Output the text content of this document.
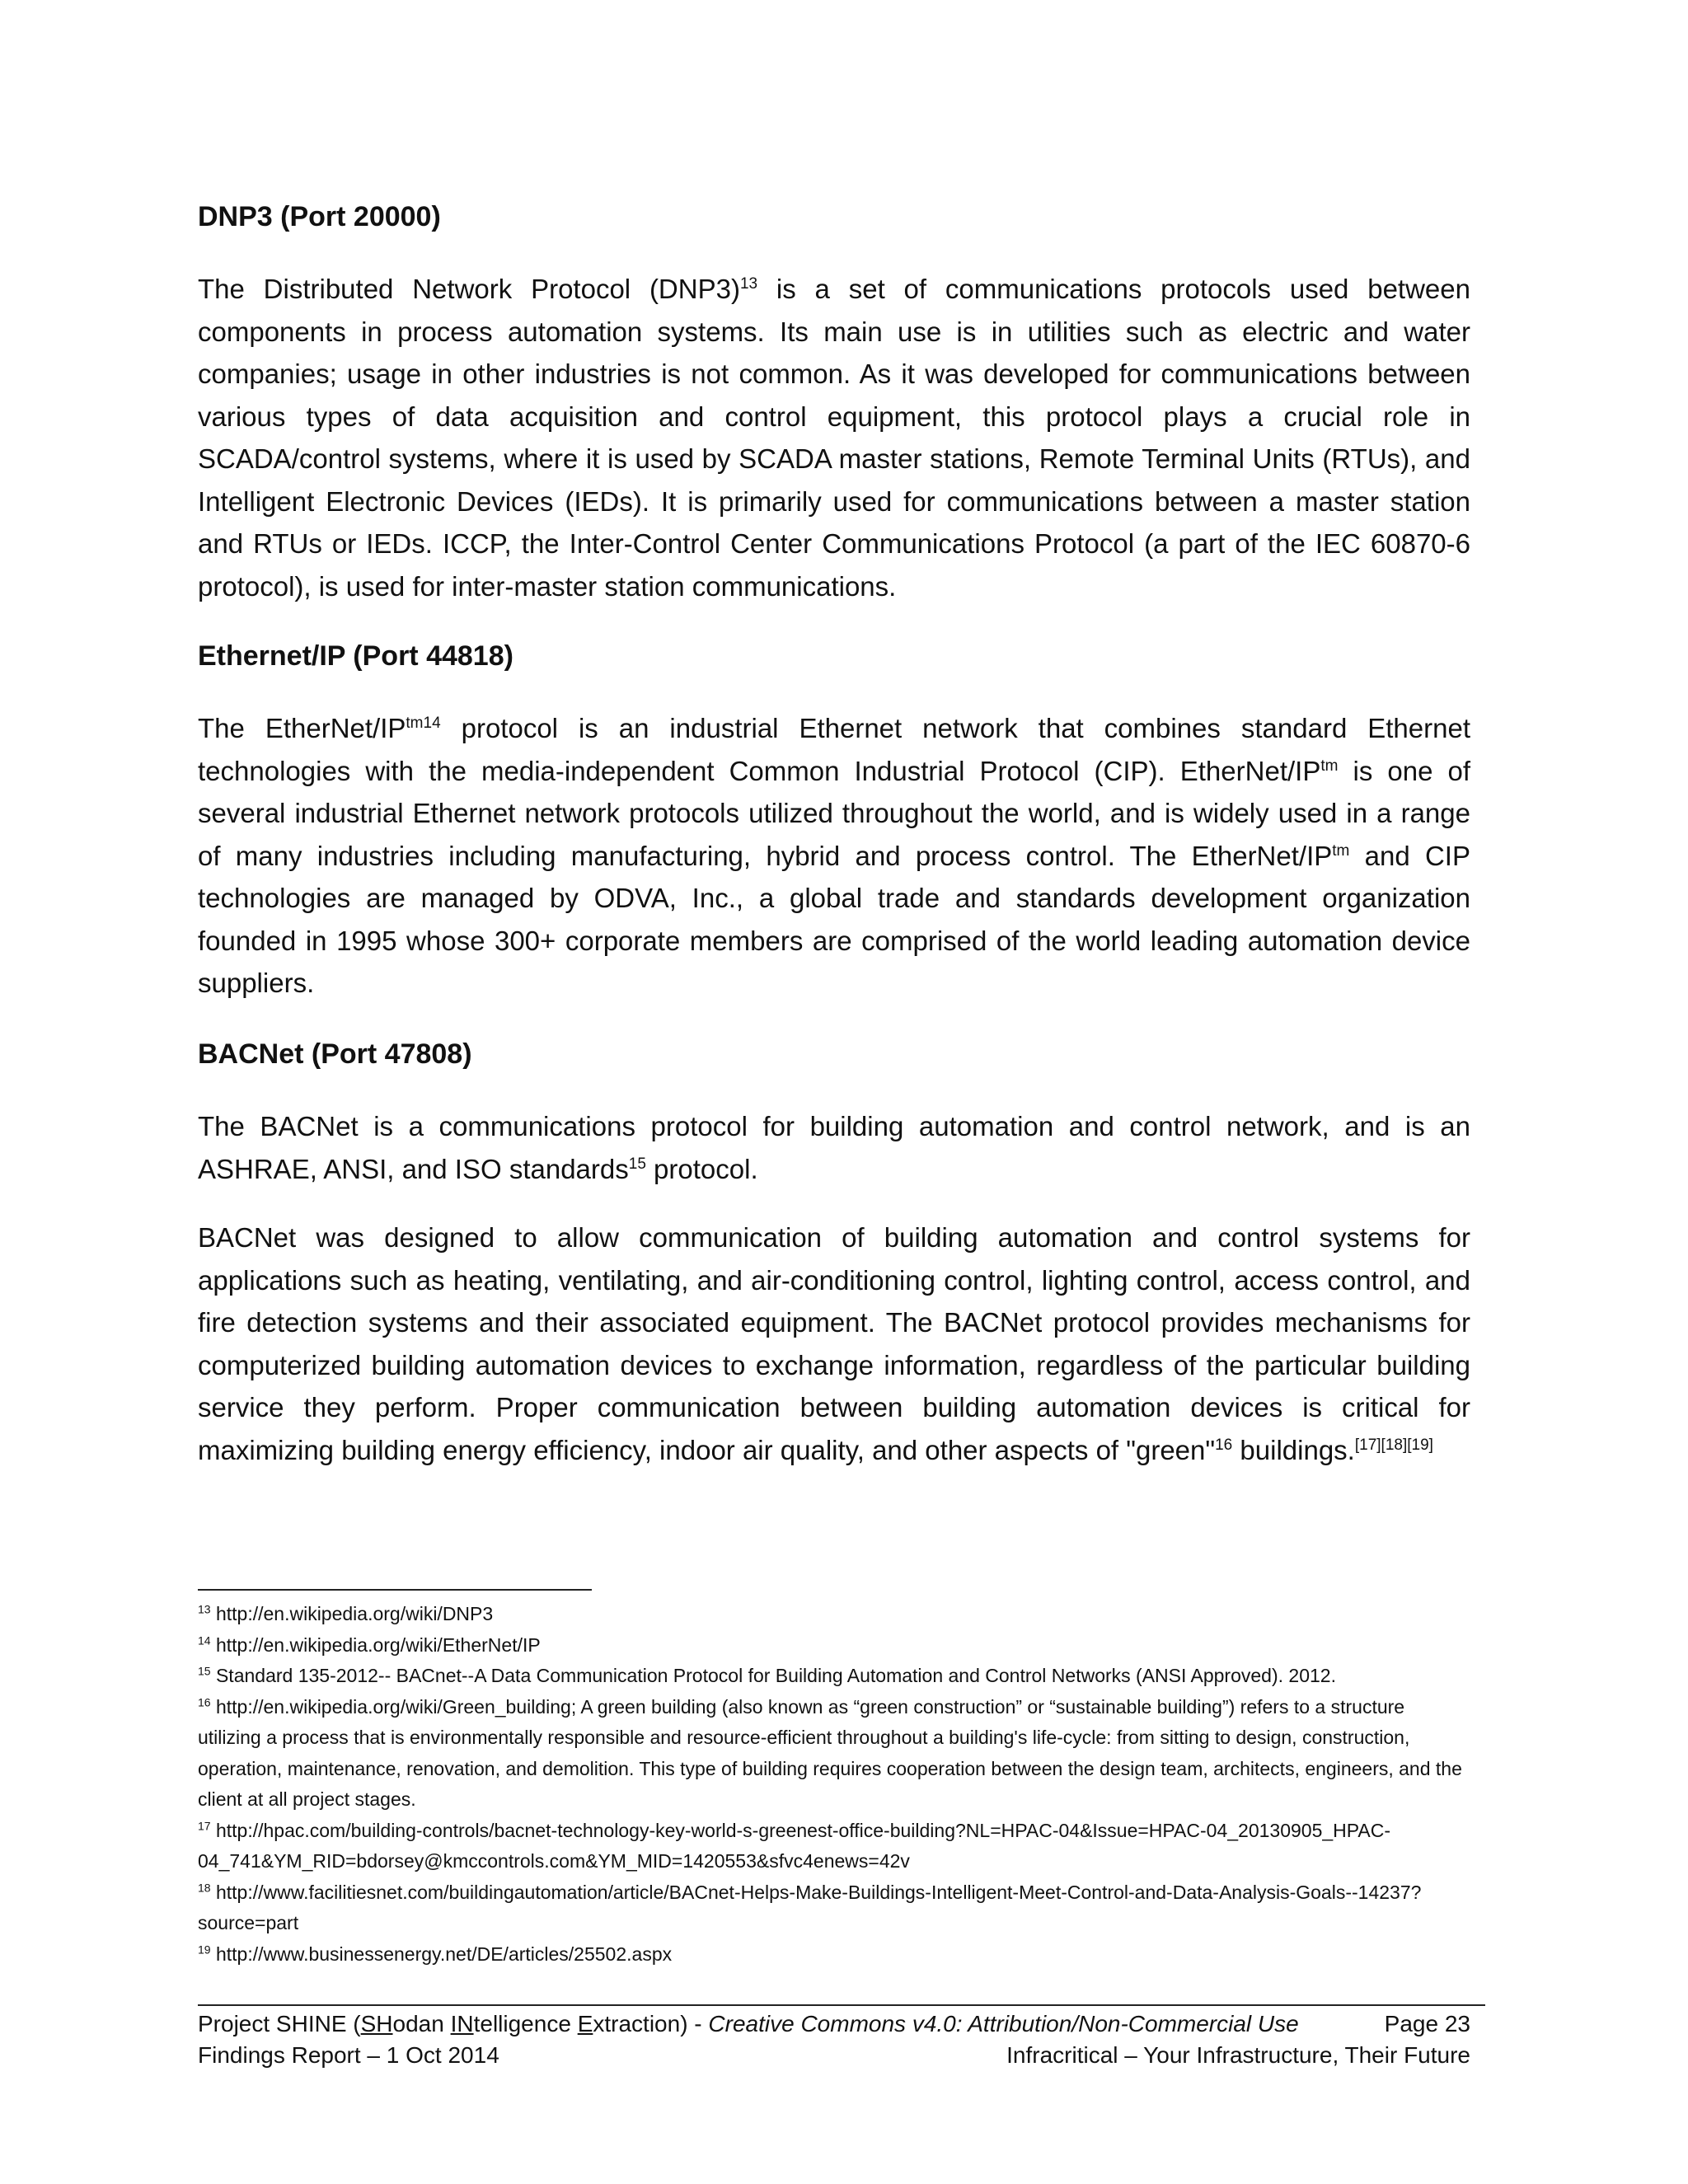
DNP3 (Port 20000)

The Distributed Network Protocol $(DNP3)^{13}$ is a set of communications protocols used between components in process automation systems. Its main use is in utilities such as electric and water companies; usage in other industries is not common. As it was developed for communications between various types of data acquisition and control equipment, this protocol plays a crucial role in SCADA/control systems, where it is used by SCADA master stations, Remote Terminal Units (RTUs), and Intelligent Electronic Devices (IEDs). It is primarily used for communications between a master station and RTUs or IEDs. ICCP, the Inter-Control Center Communications Protocol (a part of the IEC 60870-6 protocol), is used for inter-master station communications.

Ethernet/IP (Port 44818)

The EtherNet/$IP^{tm14}$ protocol is an industrial Ethernet network that combines standard Ethernet technologies with the media-independent Common Industrial Protocol (CIP). EtherNet/$IP^{tm}$ is one of several industrial Ethernet network protocols utilized throughout the world, and is widely used in a range of many industries including manufacturing, hybrid and process control. The EtherNet/$IP^{tm}$ and CIP technologies are managed by ODVA, Inc., a global trade and standards development organization founded in 1995 whose 300+ corporate members are comprised of the world leading automation device suppliers.

BACNet (Port 47808)

The BACNet is a communications protocol for building automation and control network, and is an ASHRAE, ANSI, and ISO standards$^{15}$ protocol.

BACNet was designed to allow communication of building automation and control systems for applications such as heating, ventilating, and air-conditioning control, lighting control, access control, and fire detection systems and their associated equipment. The BACNet protocol provides mechanisms for computerized building automation devices to exchange information, regardless of the particular building service they perform. Proper communication between building automation devices is critical for maximizing building energy efficiency, indoor air quality, and other aspects of "green"$^{16}$ buildings.[17][18][19]

$^{13}$ http://en.wikipedia.org/wiki/DNP3

$^{14}$ http://en.wikipedia.org/wiki/EtherNet/IP

$^{15}$ Standard 135-2012-- BACnet--A Data Communication Protocol for Building Automation and Control Networks (ANSI Approved). 2012.

$^{16}$ http://en.wikipedia.org/wiki/Green_building; A green building (also known as “green construction” or “sustainable building”) refers to a structure utilizing a process that is environmentally responsible and resource-efficient throughout a building's life-cycle: from sitting to design, construction, operation, maintenance, renovation, and demolition. This type of building requires cooperation between the design team, architects, engineers, and the client at all project stages.

$^{17}$ http://hpac.com/building-controls/bacnet-technology-key-world-s-greenest-office-building?NL=HPAC-04&Issue=HPAC-04_20130905_HPAC-04_741&YM_RID=bdorsey@kmccontrols.com&YM_MID=1420553&sfvc4enews=42v

$^{18}$ http://www.facilitiesnet.com/buildingautomation/article/BACnet-Helps-Make-Buildings-Intelligent-Meet-Control-and-Data-Analysis-Goals--14237?source=part

$^{19}$ http://www.businessenergy.net/DE/articles/25502.aspx

Project SHINE (SHodan INtelligence Extraction) - Creative Commons v4.0: Attribution/Non-Commercial Use	Page 23
Findings Report – 1 Oct 2014	Infracritical – Your Infrastructure, Their Future
